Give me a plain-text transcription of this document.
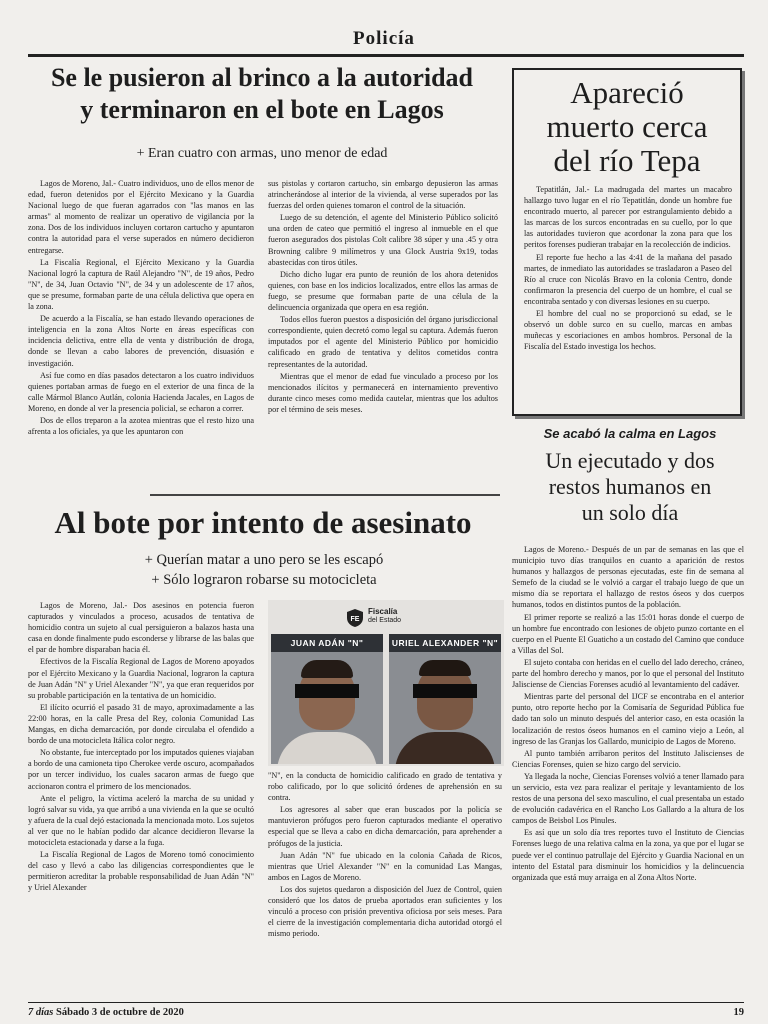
Policía
Se le pusieron al brinco a la autoridad
y terminaron en el bote en Lagos
+ Eran cuatro con armas, uno menor de edad

Lagos de Moreno, Jal.- Cuatro individuos, uno de ellos menor de edad, fueron detenidos por el Ejército Mexicano y la Guardia Nacional luego de que fueran agarrados con "las manos en las armas" al momento de realizar un operativo de vigilancia por la zona. Dos de los individuos incluyen cortaron cartucho y apuntaron contra la autoridad para el verse superados en número decidieron entregarse.

La Fiscalía Regional, el Ejército Mexicano y la Guardia Nacional logró la captura de Raúl Alejandro "N", de 19 años, Pedro "N", de 34, Juan Octavio "N", de 34 y un adolescente de 17 años, que se presume, formaban parte de una célula delictiva que opera en la zona.

De acuerdo a la Fiscalía, se han estado llevando operaciones de inteligencia en la zona Altos Norte en áreas específicas con incidencia delictiva, entre ella de venta y distribución de droga, donde se llevan a cabo labores de prevención, disuasión e investigación.

Así fue como en días pasados detectaron a los cuatro individuos quienes portaban armas de fuego en el exterior de una finca de la calle Mármol Blanco Autlán, colonia Hacienda Jacales, en Lagos de Moreno, en donde al ver la presencia policial, se echaron a correr.

Dos de ellos treparon a la azotea mientras que el resto hizo una afrenta a los oficiales, ya que les apuntaron con

sus pistolas y cortaron cartucho, sin embargo depusieron las armas atrincherándose al interior de la vivienda, al verse superados por las fuerzas del orden quienes tomaron el control de la situación.

Luego de su detención, el agente del Ministerio Público solicitó una orden de cateo que permitió el ingreso al inmueble en el que fueron asegurados dos pistolas Colt calibre 38 súper y una .45 y otra Browning calibre 9 milímetros y una Glock Austria 9x19, todas abastecidas con tiros útiles.

Dicho dicho lugar era punto de reunión de los ahora detenidos quienes, con base en los indicios localizados, entre ellos las armas de fuego, se presume que formaban parte de una célula de la delincuencia organizada que opera en esa región.

Todos ellos fueron puestos a disposición del órgano jurisdiccional correspondiente, quien decretó como legal su captura. Además fueron imputados por el agente del Ministerio Público por homicidio calificado en grado de tentativa y delitos cometidos contra representantes de la autoridad.

Mientras que el menor de edad fue vinculado a proceso por los mencionados ilícitos y permanecerá en internamiento preventivo durante cinco meses como medida cautelar, mientras que los adultos por el término de seis meses.

Al bote por intento de asesinato
+ Querían matar a uno pero se les escapó
+ Sólo lograron robarse su motocicleta

Lagos de Moreno, Jal.- Dos asesinos en potencia fueron capturados y vinculados a proceso, acusados de tentativa de homicidio contra un sujeto al cual persiguieron a balazos hasta una casa en donde finalmente pudo esconderse y librarse de las balas que el par de hombre disparaban hacia él.

Efectivos de la Fiscalía Regional de Lagos de Moreno apoyados por el Ejército Mexicano y la Guardia Nacional, lograron la captura de Juan Adán "N" y Uriel Alexander "N", ya que eran requeridos por su probable participación en la tentativa de un homicidio.

El ilícito ocurrió el pasado 31 de mayo, aproximadamente a las 22:00 horas, en la calle Presa del Rey, colonia Comunidad Las Mangas, en dicha demarcación, por donde circulaba el ofendido a bordo de una motocicleta Itálica color negro.

No obstante, fue interceptado por los imputados quienes viajaban a bordo de una camioneta tipo Cherokee verde oscuro, acompañados por un tercer individuo, los cuales sacaron armas de fuego que accionaron contra el primero de los mencionados.

Ante el peligro, la víctima aceleró la marcha de su unidad y logró salvar su vida, ya que arribó a una vivienda en la que se ocultó y afuera de la cual dejó estacionada la mencionada moto. Los sujetos al ver que no le habían podido dar alcance decidieron llevarse la motocicleta estacionada y darse a la fuga.

La Fiscalía Regional de Lagos de Moreno tomó conocimiento del caso y llevó a cabo las diligencias correspondientes que le permitieron acreditar la probable responsabilidad de Juan Adán "N" y Uriel Alexander

FE
Fiscalía
del Estado
JUAN ADÁN "N"	URIEL ALEXANDER "N"

"N", en la conducta de homicidio calificado en grado de tentativa y robo calificado, por lo que solicitó órdenes de aprehensión en su contra.

Los agresores al saber que eran buscados por la policía se mantuvieron prófugos pero fueron capturados mediante el operativo especial que se lleva a cabo en dicha demarcación, para aprehender a prófugos de la justicia.

Juan Adán "N" fue ubicado en la colonia Cañada de Ricos, mientras que Uriel Alexander "N" en la comunidad Las Mangas, ambos en Lagos de Moreno.

Los dos sujetos quedaron a disposición del Juez de Control, quien consideró que los datos de prueba aportados eran suficientes y los vinculó a proceso con prisión preventiva oficiosa por seis meses. Para el cierre de la investigación complementaria dicha autoridad otorgó el mismo periodo.

Apareció
muerto cerca
del río Tepa

Tepatitlán, Jal.- La madrugada del martes un macabro hallazgo tuvo lugar en el río Tepatitlán, donde un hombre fue encontrado muerto, al parecer por estrangulamiento debido a las marcas de los surcos encontradas en su cuello, por lo que las autoridades tuvieron que acordonar la zona para que los peritos forenses pudieran trabajar en la recolección de indicios.

El reporte fue hecho a las 4:41 de la mañana del pasado martes, de inmediato las autoridades se trasladaron a Paseo del Río al cruce con Nicolás Bravo en la colonia Centro, donde confirmaron la presencia del cuerpo de un hombre, el cual se encontraba sentado y con diversas lesiones en su cuerpo.

El hombre del cual no se proporcionó su edad, se le observó un doble surco en su cuello, marcas en ambas muñecas y escoriaciones en ambos hombros. Personal de la Fiscalía del Estado investiga los hechos.

Se acabó la calma en Lagos
Un ejecutado y dos
restos humanos en
un solo día

Lagos de Moreno.- Después de un par de semanas en las que el municipio tuvo días tranquilos en cuanto a aparición de restos humanos y hallazgos de personas ejecutadas, este fin de semana al Semefo de la ciudad se le volvió a cargar el trabajo luego de que un mismo día se reportara el hallazgo de restos óseos y dos cuerpos humanos, todos en distintos puntos de la población.

El primer reporte se realizó a las 15:01 horas donde el cuerpo de un hombre fue encontrado con lesiones de objeto punzo cortante en el cuerpo en el Puente El Guaticho a un costado del Camino que conduce a Villas del Sol.

El sujeto contaba con heridas en el cuello del lado derecho, cráneo, parte del hombro derecho y manos, por lo que el personal del Instituto Jalisciense de Ciencias Forenses acudió al levantamiento del cadáver.

Mientras parte del personal del IJCF se encontraba en el anterior punto, otro reporte hecho por la Comisaría de Seguridad Pública fue dado tan solo un minuto después del anterior caso, en esta ocasión la localización de restos óseos humanos en el camino viejo a León, al ingreso de las Granjas los Gallardo, municipio de Lagos de Moreno.

Al punto también arribaron peritos del Instituto Jaliscienses de Ciencias Forenses, quien se hizo cargo del servicio.

Ya llegada la noche, Ciencias Forenses volvió a tener llamado para un servicio, esta vez para realizar el peritaje y levantamiento de los restos de una persona del sexo masculino, el cual presentaba un estado de evolución cadavérica en el Rancho Los Gallardo a la altura de los campos de Beisbol Los Pinules.

Es así que un solo día tres reportes tuvo el Instituto de Ciencias Forenses luego de una relativa calma en la zona, ya que por el lugar se puede ver el continuo patrullaje del Ejército y Guardia Nacional en un intento del Estatal para disminuir los homicidios y la delincuencia organizada que está muy arraiga en al Zona Altos Norte.

7 días Sábado 3 de octubre de 2020	19
